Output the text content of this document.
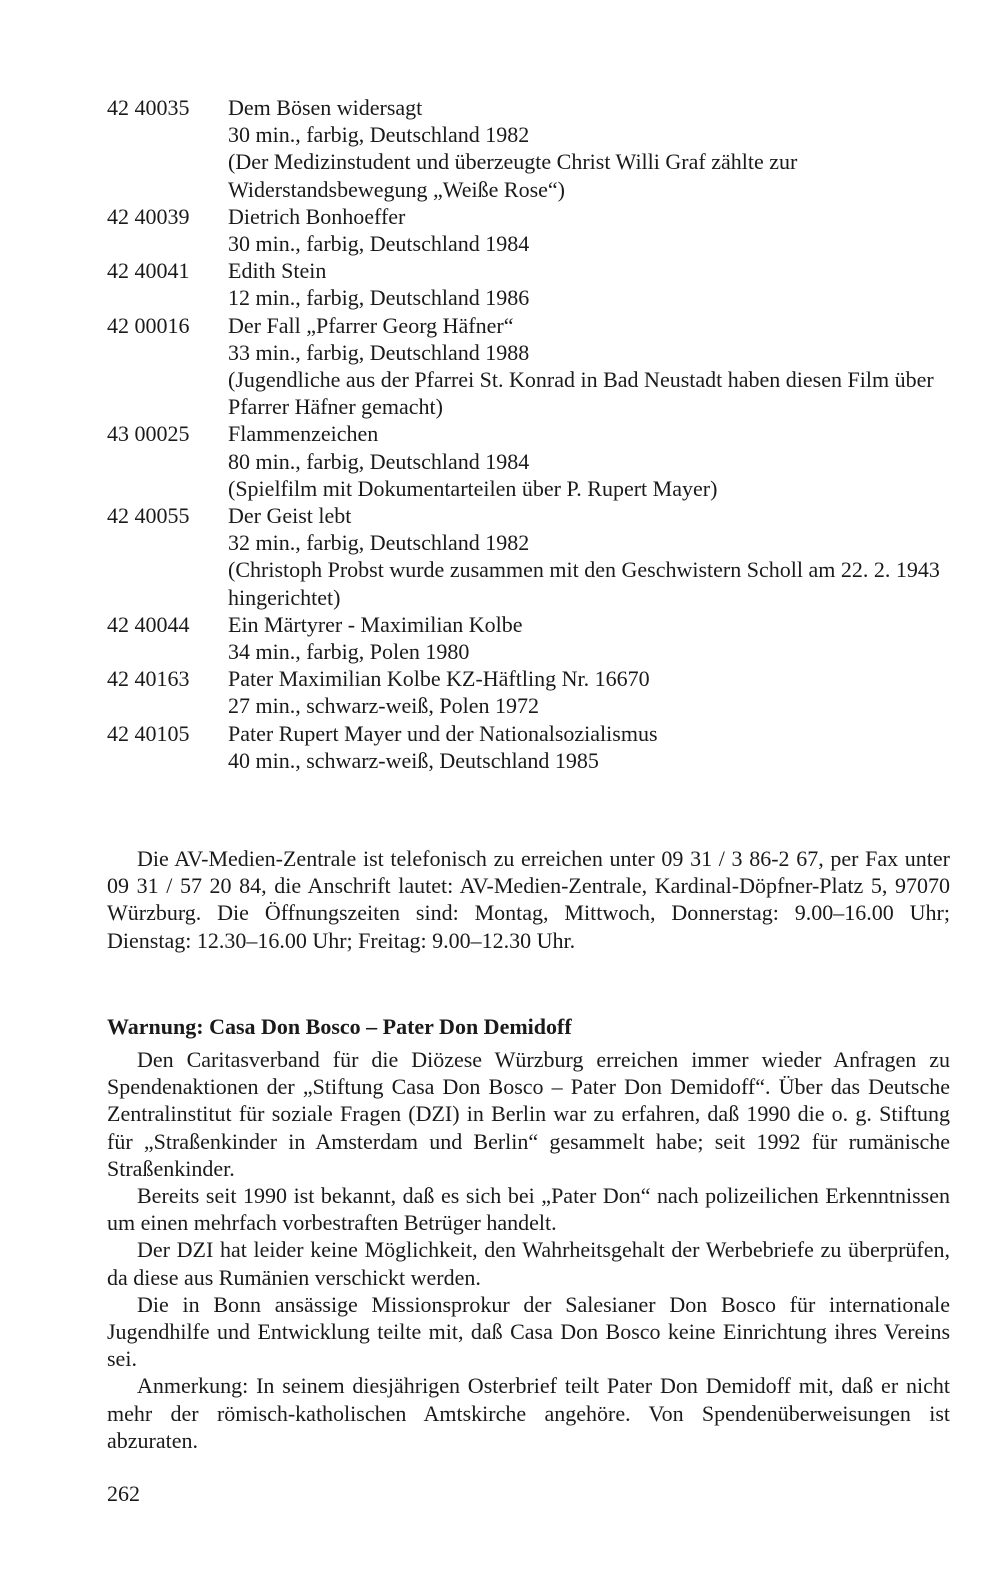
42 40035	Dem Bösen widersagt
30 min., farbig, Deutschland 1982
(Der Medizinstudent und überzeugte Christ Willi Graf zählte zur Widerstandsbewegung „Weiße Rose“)
42 40039	Dietrich Bonhoeffer
30 min., farbig, Deutschland 1984
42 40041	Edith Stein
12 min., farbig, Deutschland 1986
42 00016	Der Fall „Pfarrer Georg Häfner“
33 min., farbig, Deutschland 1988
(Jugendliche aus der Pfarrei St. Konrad in Bad Neustadt haben diesen Film über Pfarrer Häfner gemacht)
43 00025	Flammenzeichen
80 min., farbig, Deutschland 1984
(Spielfilm mit Dokumentarteilen über P. Rupert Mayer)
42 40055	Der Geist lebt
32 min., farbig, Deutschland 1982
(Christoph Probst wurde zusammen mit den Geschwistern Scholl am 22. 2. 1943 hingerichtet)
42 40044	Ein Märtyrer - Maximilian Kolbe
34 min., farbig, Polen 1980
42 40163	Pater Maximilian Kolbe KZ-Häftling Nr. 16670
27 min., schwarz-weiß, Polen 1972
42 40105	Pater Rupert Mayer und der Nationalsozialismus
40 min., schwarz-weiß, Deutschland 1985

Die AV-Medien-Zentrale ist telefonisch zu erreichen unter 09 31 / 3 86-2 67, per Fax unter 09 31 / 57 20 84, die Anschrift lautet: AV-Medien-Zentrale, Kardinal-Döpfner-Platz 5, 97070 Würzburg. Die Öffnungszeiten sind: Montag, Mittwoch, Donnerstag: 9.00–16.00 Uhr; Dienstag: 12.30–16.00 Uhr; Freitag: 9.00–12.30 Uhr.

Warnung: Casa Don Bosco – Pater Don Demidoff

Den Caritasverband für die Diözese Würzburg erreichen immer wieder Anfragen zu Spendenaktionen der „Stiftung Casa Don Bosco – Pater Don Demidoff“. Über das Deutsche Zentralinstitut für soziale Fragen (DZI) in Berlin war zu erfahren, daß 1990 die o. g. Stiftung für „Straßenkinder in Amsterdam und Berlin“ gesammelt habe; seit 1992 für rumänische Straßenkinder.

Bereits seit 1990 ist bekannt, daß es sich bei „Pater Don“ nach polizeilichen Erkenntnissen um einen mehrfach vorbestraften Betrüger handelt.

Der DZI hat leider keine Möglichkeit, den Wahrheitsgehalt der Werbebriefe zu überprüfen, da diese aus Rumänien verschickt werden.

Die in Bonn ansässige Missionsprokur der Salesianer Don Bosco für internationale Jugendhilfe und Entwicklung teilte mit, daß Casa Don Bosco keine Einrichtung ihres Vereins sei.

Anmerkung: In seinem diesjährigen Osterbrief teilt Pater Don Demidoff mit, daß er nicht mehr der römisch-katholischen Amtskirche angehöre. Von Spendenüberweisungen ist abzuraten.

262
